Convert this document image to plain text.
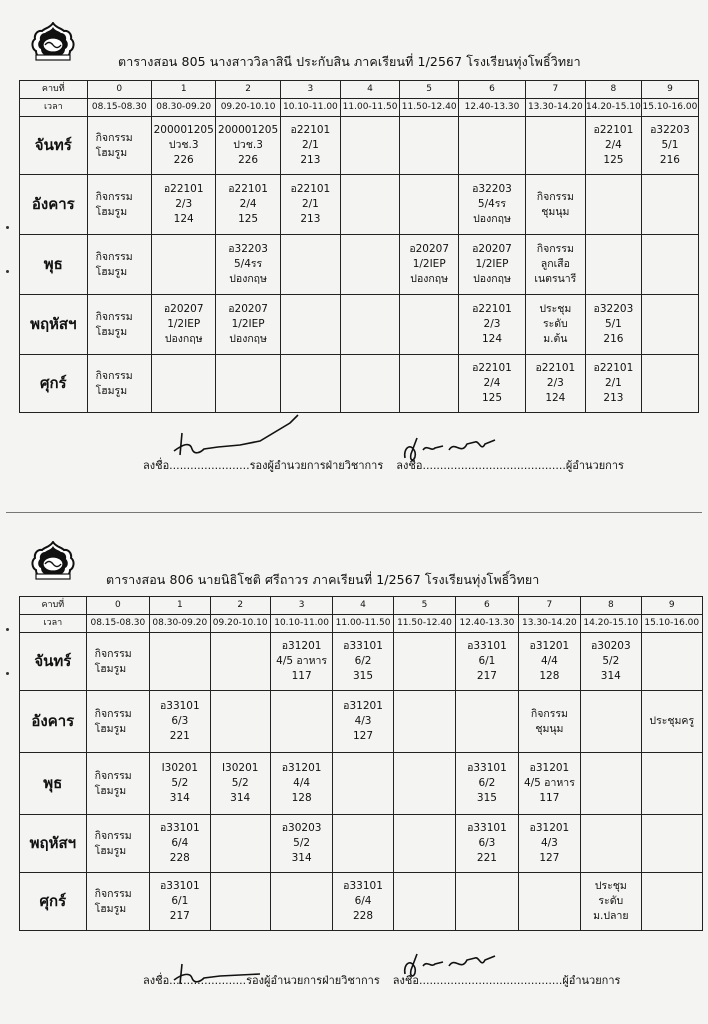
ตารางสอน 805 นางสาววิลาสินี ประกับสิน ภาคเรียนที่ 1/2567 โรงเรียนทุ่งโพธิ์วิทยา
คาบที่	0	1	2	3	4	5	6	7	8	9
เวลา	08.15-08.30	08.30-09.20	09.20-10.10	10.10-11.00	11.00-11.50	11.50-12.40	12.40-13.30	13.30-14.20	14.20-15.10	15.10-16.00
จันทร์	กิจกรรม
โฮมรูม	200001205
ปวช.3
226	200001205
ปวช.3
226	อ22101
2/1
213					อ22101
2/4
125	อ32203
5/1
216

อังคาร	กิจกรรม
โฮมรูม	อ22101
2/3
124	อ22101
2/4
125	อ22101
2/1
213			อ32203
5/4รร
ปองกฤษ	กิจกรรม
ชุมนุม		

พุธ	กิจกรรม
โฮมรูม		อ32203
5/4รร
ปองกฤษ			อ20207
1/2IEP
ปองกฤษ	อ20207
1/2IEP
ปองกฤษ	กิจกรรม
ลูกเสือ
เนตรนารี		

พฤหัสฯ	กิจกรรม
โฮมรูม	อ20207
1/2IEP
ปองกฤษ	อ20207
1/2IEP
ปองกฤษ				อ22101
2/3
124	ประชุม
ระดับ
ม.ต้น	อ32203
5/1
216	

ศุกร์	กิจกรรม
โฮมรูม						อ22101
2/4
125	อ22101
2/3
124	อ22101
2/1
213	

ลงชื่อ.......................รองผู้อำนวยการฝ่ายวิชาการ ลงชื่อ.........................................ผู้อำนวยการ
ตารางสอน 806 นายนิธิโชติ ศรีถาวร ภาคเรียนที่ 1/2567 โรงเรียนทุ่งโพธิ์วิทยา
คาบที่	0	1	2	3	4	5	6	7	8	9
เวลา	08.15-08.30	08.30-09.20	09.20-10.10	10.10-11.00	11.00-11.50	11.50-12.40	12.40-13.30	13.30-14.20	14.20-15.10	15.10-16.00
จันทร์	กิจกรรม
โฮมรูม			อ31201
4/5 อาหาร
117	อ33101
6/2
315		อ33101
6/1
217	อ31201
4/4
128	อ30203
5/2
314	

อังคาร	กิจกรรม
โฮมรูม	อ33101
6/3
221			อ31201
4/3
127			กิจกรรม
ชุมนุม		ประชุมครู

พุธ	กิจกรรม
โฮมรูม	I30201
5/2
314	I30201
5/2
314	อ31201
4/4
128			อ33101
6/2
315	อ31201
4/5 อาหาร
117		

พฤหัสฯ	กิจกรรม
โฮมรูม	อ33101
6/4
228		อ30203
5/2
314			อ33101
6/3
221	อ31201
4/3
127		

ศุกร์	กิจกรรม
โฮมรูม	อ33101
6/1
217			อ33101
6/4
228				ประชุม
ระดับ
ม.ปลาย	

ลงชื่อ......................รองผู้อำนวยการฝ่ายวิชาการ ลงชื่อ.........................................ผู้อำนวยการ
